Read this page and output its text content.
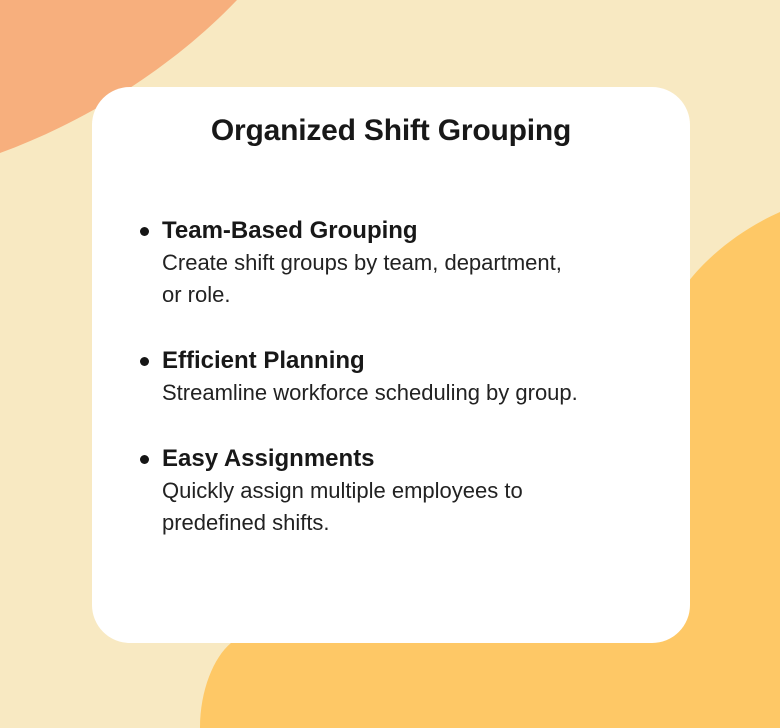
Organized Shift Grouping
Team-Based Grouping
Create shift groups by team, department,
or role.
Efficient Planning
Streamline workforce scheduling by group.
Easy Assignments
Quickly assign multiple employees to
predefined shifts.
